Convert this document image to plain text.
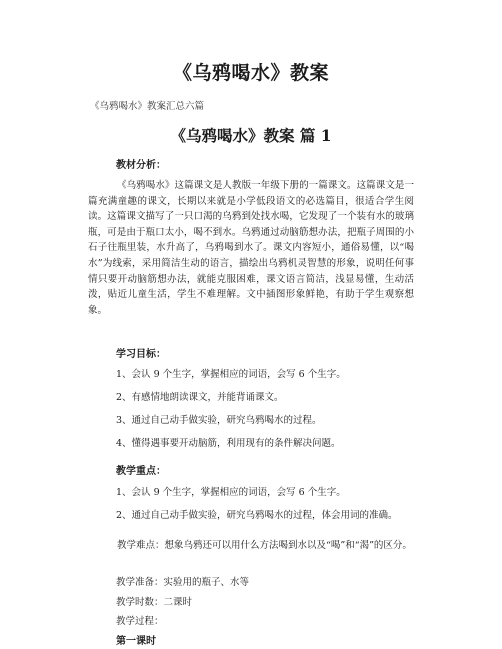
《乌鸦喝水》教案
《乌鸦喝水》教案汇总六篇
《乌鸦喝水》教案 篇 1
教材分析：

《乌鸦喝水》这篇课文是人教版一年级下册的一篇课文。这篇课文是一篇充满童趣的课文，长期以来就是小学低段语文的必选篇目，很适合学生阅读。这篇课文描写了一只口渴的乌鸦到处找水喝，它发现了一个装有水的玻璃瓶，可是由于瓶口太小，喝不到水。乌鸦通过动脑筋想办法，把瓶子周围的小石子往瓶里装，水升高了，乌鸦喝到水了。课文内容短小，通俗易懂，以“喝水”为线索，采用简洁生动的语言，描绘出乌鸦机灵智慧的形象，说明任何事情只要开动脑筋想办法，就能克服困难，课文语言简洁，浅显易懂，生动活泼，贴近儿童生活，学生不难理解。文中插图形象鲜艳，有助于学生观察想象。

学习目标：
1、会认 9 个生字，掌握相应的词语，会写 6 个生字。
2、有感情地朗读课文，并能背诵课文。
3、通过自己动手做实验，研究乌鸦喝水的过程。
4、懂得遇事要开动脑筋，利用现有的条件解决问题。
教学重点：
1、会认 9 个生字，掌握相应的词语，会写 6 个生字。
2、通过自己动手做实验，研究乌鸦喝水的过程，体会用词的准确。

教学难点：想象乌鸦还可以用什么方法喝到水以及“喝”和“渴”的区分。

教学准备：实验用的瓶子、水等
教学时数：二课时
教学过程：
第一课时
